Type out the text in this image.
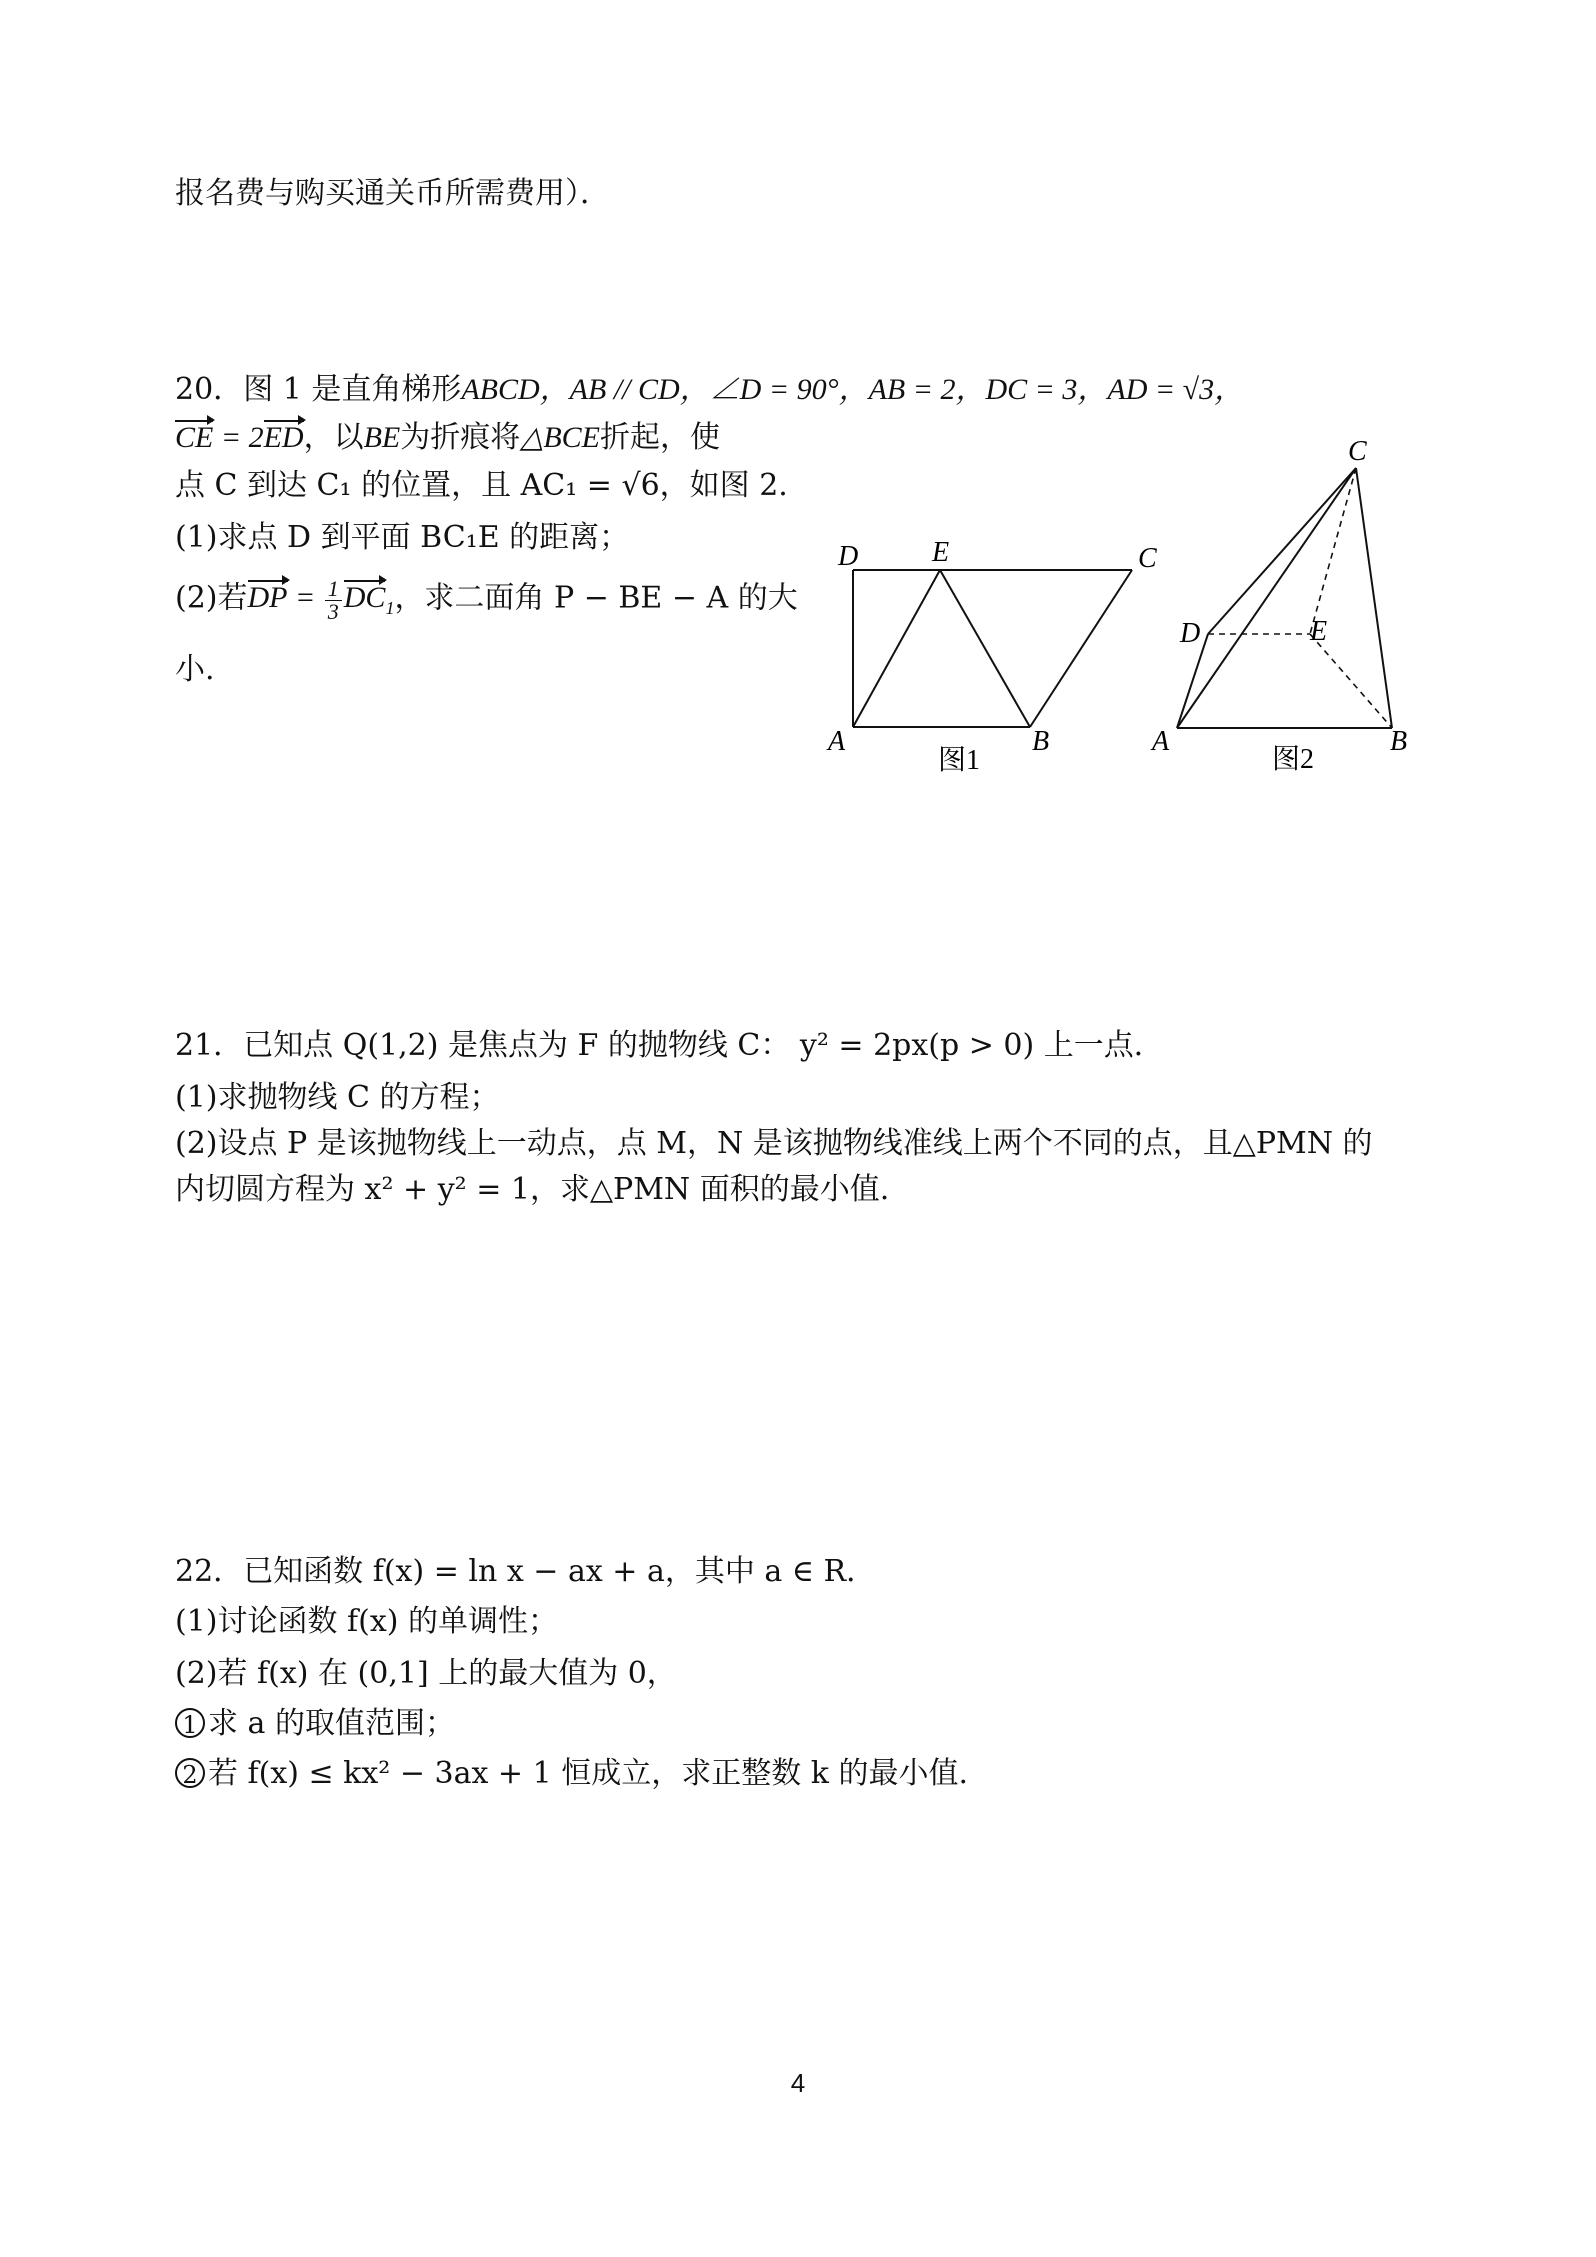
报名费与购买通关币所需费用）．
20．图 1 是直角梯形ABCD，AB // CD，∠D = 90°，AB = 2，DC = 3，AD = √3，
CE = 2ED，以BE为折痕将△BCE折起，使
点 C 到达 C₁ 的位置，且 AC₁ = √6，如图 2.
(1)求点 D 到平面 BC₁E 的距离；
(2)若DP = $\frac{1}{3} DC_1$，求二面角 P − BE − A 的大
小.
D	E	C
A	B
图1
C
D	E
A	B
图2
21．已知点 Q(1,2) 是焦点为 F 的抛物线 C： y² = 2px(p > 0) 上一点．
(1)求抛物线 C 的方程；
(2)设点 P 是该抛物线上一动点，点 M，N 是该抛物线准线上两个不同的点，且△PMN 的
内切圆方程为 x² + y² = 1，求△PMN 面积的最小值.
22．已知函数 f(x) = ln x − ax + a，其中 a ∈ R．
(1)讨论函数 f(x) 的单调性；
(2)若 f(x) 在 (0,1] 上的最大值为 0，
1 求 a 的取值范围；
2 若 f(x) ≤ kx² − 3ax + 1 恒成立，求正整数 k 的最小值.
4
